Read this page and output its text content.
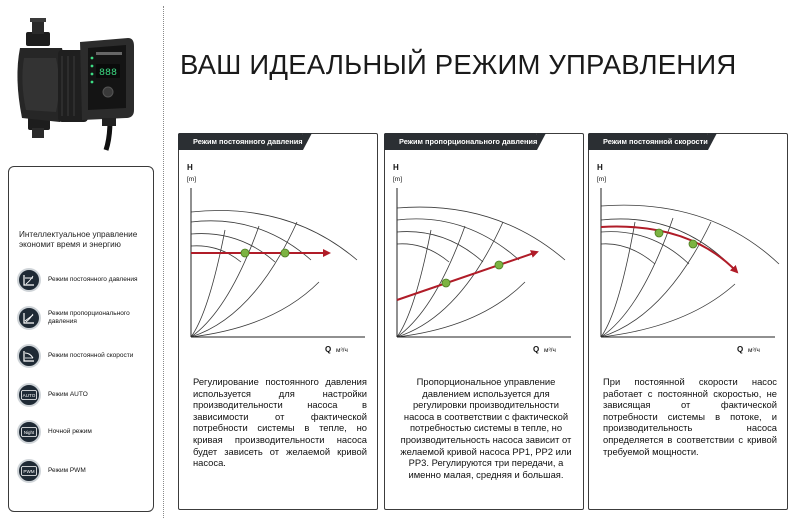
888
Интеллектуальное управление экономит время и энергию
Режим постоянного давления
Режим пропорционального давления
Режим постоянной скорости
AUTO Режим AUTO
Night Ночной режим
PWM Режим PWM
ВАШ ИДЕАЛЬНЫЙ РЕЖИМ УПРАВЛЕНИЯ
Режим постоянного давления
H
[m]
Q м³/ч
Регулирование постоянного давления используется для настройки производительности насоса в зависимости от фактической потребности системы в тепле, но кривая производительности насоса будет зависеть от желаемой кривой насоса.
Режим пропорционального давления
H
[m]
Q м³/ч
Пропорциональное управление давлением используется для регулировки производительности насоса в соответствии с фактической потребностью системы в тепле, но производительность насоса зависит от желаемой кривой насоса PP1, PP2 или PP3. Регулируются три передачи, а именно малая, средняя и большая.
Режим постоянной скорости
H
[m]
Q м³/ч
При постоянной скорости насос работает с постоянной скоростью, не зависящая от фактической потребности системы в потоке, и производительность насоса определяется в соответствии с кривой требуемой мощности.
